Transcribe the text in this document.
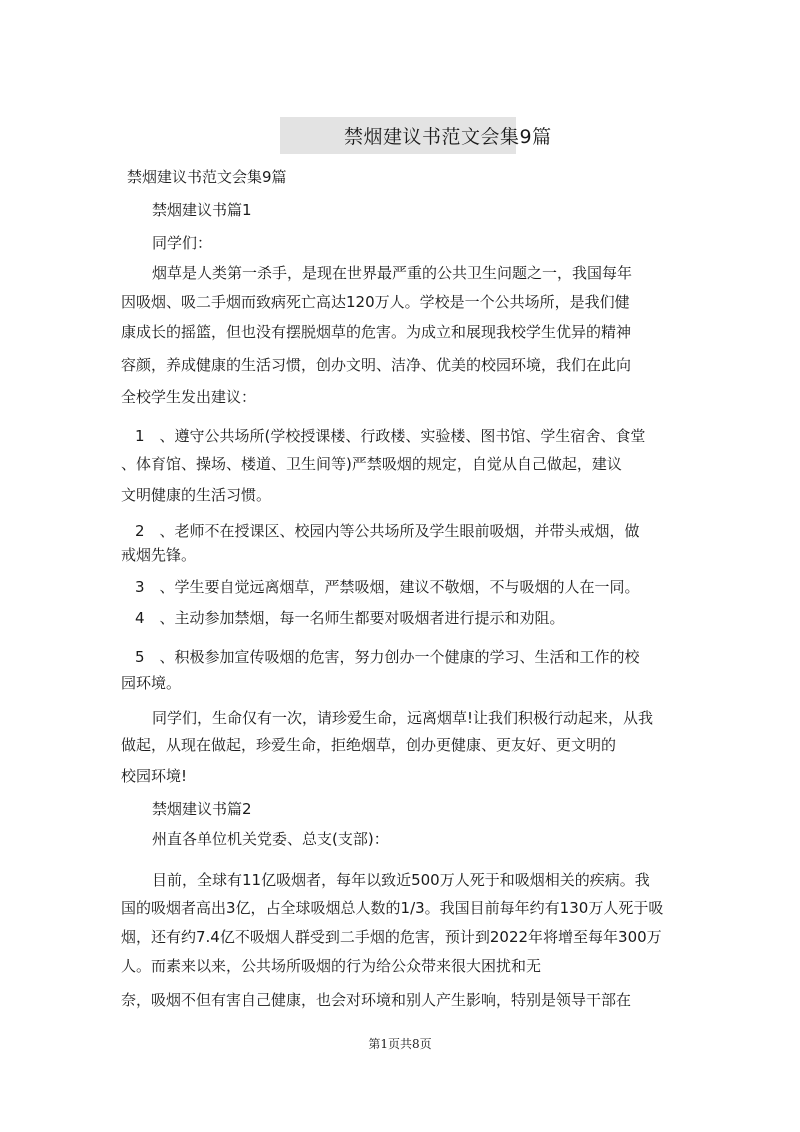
禁烟建议书范文会集9篇
禁烟建议书范文会集9篇
禁烟建议书篇1
同学们：
烟草是人类第一杀手，是现在世界最严重的公共卫生问题之一，我国每年
因吸烟、吸二手烟而致病死亡高达120万人。学校是一个公共场所，是我们健
康成长的摇篮，但也没有摆脱烟草的危害。为成立和展现我校学生优异的精神
容颜，养成健康的生活习惯，创办文明、洁净、优美的校园环境，我们在此向
全校学生发出建议：
1　、遵守公共场所(学校授课楼、行政楼、实验楼、图书馆、学生宿舍、食堂
、体育馆、操场、楼道、卫生间等)严禁吸烟的规定，自觉从自己做起，建议
文明健康的生活习惯。
2　、老师不在授课区、校园内等公共场所及学生眼前吸烟，并带头戒烟，做
戒烟先锋。
3　、学生要自觉远离烟草，严禁吸烟，建议不敬烟，不与吸烟的人在一同。
4　、主动参加禁烟，每一名师生都要对吸烟者进行提示和劝阻。
5　、积极参加宣传吸烟的危害，努力创办一个健康的学习、生活和工作的校
园环境。
同学们，生命仅有一次，请珍爱生命，远离烟草!让我们积极行动起来，从我
做起，从现在做起，珍爱生命，拒绝烟草，创办更健康、更友好、更文明的
校园环境!
禁烟建议书篇2
州直各单位机关党委、总支(支部)：
目前，全球有11亿吸烟者，每年以致近500万人死于和吸烟相关的疾病。我
国的吸烟者高出3亿，占全球吸烟总人数的1/3。我国目前每年约有130万人死于吸
烟，还有约7.4亿不吸烟人群受到二手烟的危害，预计到2022年将增至每年300万
人。而素来以来，公共场所吸烟的行为给公众带来很大困扰和无
奈，吸烟不但有害自己健康，也会对环境和别人产生影响，特别是领导干部在
第1页共8页
